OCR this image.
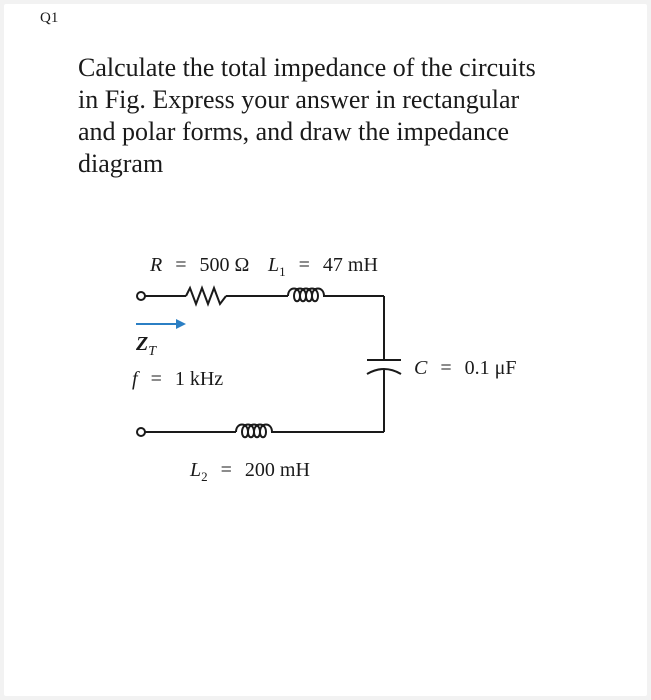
Q1
Calculate the total impedance of the circuits
in Fig. Express your answer in rectangular
and polar forms, and draw the impedance
diagram
R = 500 Ω $L_1 = 47$ mH
C = 0.1 μF
$Z_T$
f = 1 kHz
$L_2 = 200$ mH
